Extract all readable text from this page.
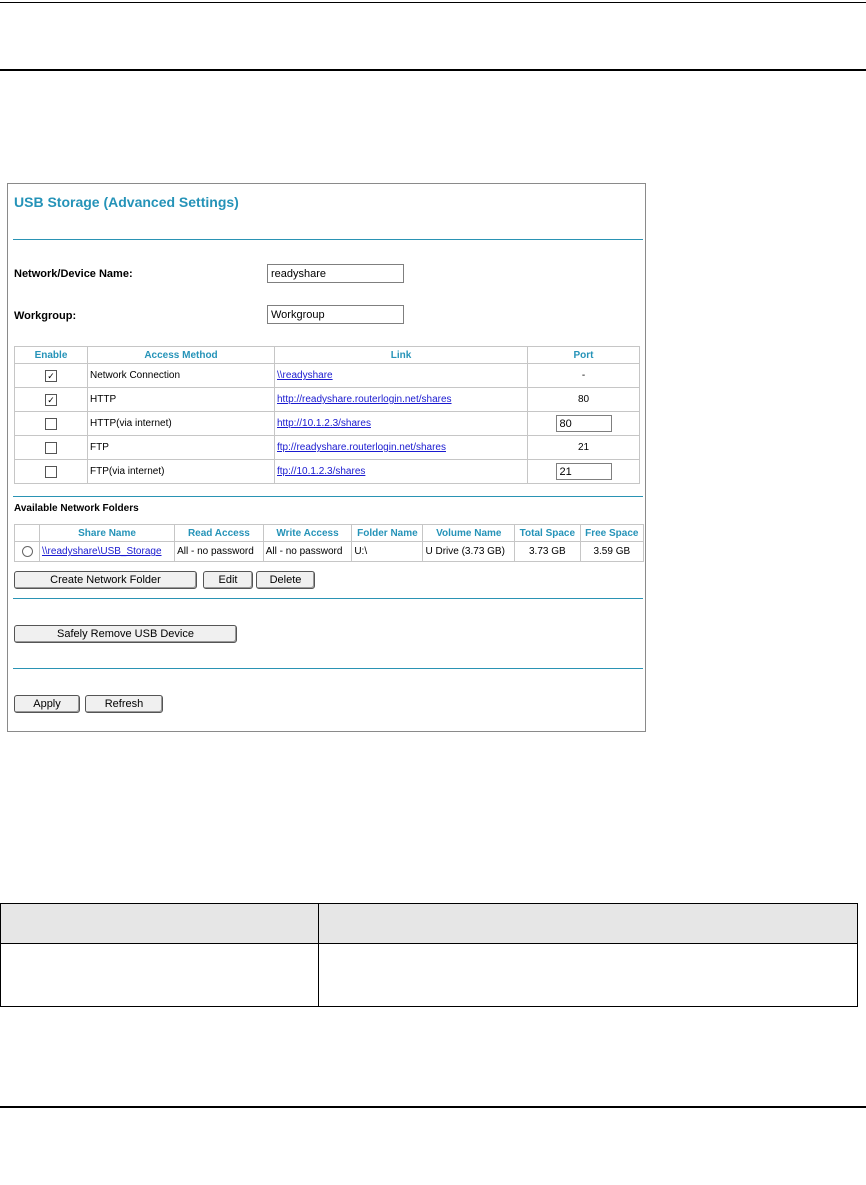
USB Storage (Advanced Settings)
Network/Device Name:	readyshare
Workgroup:	Workgroup
Enable	Access Method	Link	Port

✓	Network Connection	\\readyshare	-

✓	HTTP	http://readyshare.routerlogin.net/shares	80

	HTTP(via internet)	http://10.1.2.3/shares	80

	FTP	ftp://readyshare.routerlogin.net/shares	21

	FTP(via internet)	ftp://10.1.2.3/shares	21
Available Network Folders
	Share Name	Read Access	Write Access	Folder Name	Volume Name	Total Space	Free Space

	\\readyshare\USB_Storage	All - no password	All - no password	U:\	U Drive (3.73 GB)	3.73 GB	3.59 GB
Create Network Folder	Edit	Delete
Safely Remove USB Device
Apply	Refresh
